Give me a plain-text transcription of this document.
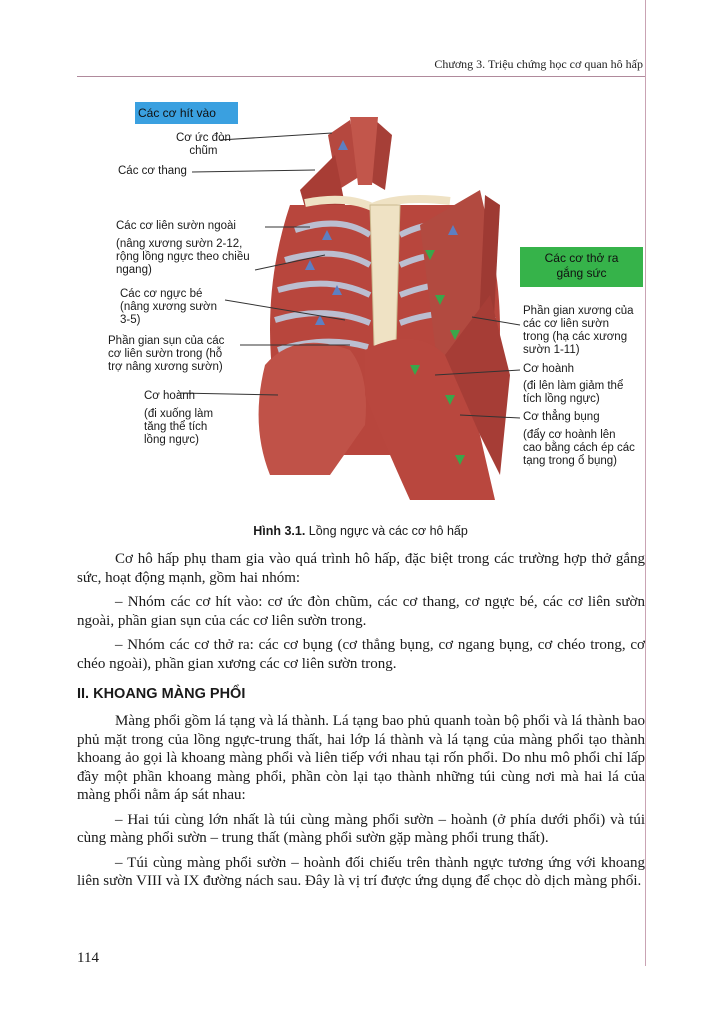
Chương 3. Triệu chứng học cơ quan hô hấp
Các cơ hít vào
Các cơ thở ra
gắng sức
Cơ ức đòn
chũm
Các cơ thang
Các cơ liên sườn ngoài
(nâng xương sườn 2-12,
rộng lồng ngực theo chiều
ngang)
Các cơ ngực bé
(nâng xương sườn
3-5)
Phần gian sụn của các
cơ liên sườn trong (hỗ
trợ nâng xương sườn)
Cơ hoành
(đi xuống làm
tăng thể tích
lồng ngực)
Phần gian xương của
các cơ liên sườn
trong (hạ các xương
sườn 1-11)
Cơ hoành
(đi lên làm giảm thể
tích lồng ngực)
Cơ thẳng bụng
(đẩy cơ hoành lên
cao bằng cách ép các
tạng trong ổ bụng)
Hình 3.1. Lồng ngực và các cơ hô hấp

Cơ hô hấp phụ tham gia vào quá trình hô hấp, đặc biệt trong các trường hợp thở gắng sức, hoạt động mạnh, gồm hai nhóm:

– Nhóm các cơ hít vào: cơ ức đòn chũm, các cơ thang, cơ ngực bé, các cơ liên sườn ngoài, phần gian sụn của các cơ liên sườn trong.

– Nhóm các cơ thở ra: các cơ bụng (cơ thẳng bụng, cơ ngang bụng, cơ chéo trong, cơ chéo ngoài), phần gian xương các cơ liên sườn trong.

II. KHOANG MÀNG PHỔI

Màng phổi gồm lá tạng và lá thành. Lá tạng bao phủ quanh toàn bộ phổi và lá thành bao phủ mặt trong của lồng ngực-trung thất, hai lớp lá thành và lá tạng của màng phổi tạo thành khoang ảo gọi là khoang màng phổi và liên tiếp với nhau tại rốn phổi. Do nhu mô phổi chỉ lấp đầy một phần khoang màng phổi, phần còn lại tạo thành những túi cùng nơi mà hai lá của màng phổi nằm áp sát nhau:

– Hai túi cùng lớn nhất là túi cùng màng phổi sườn – hoành (ở phía dưới phổi) và túi cùng màng phổi sườn – trung thất (màng phổi sườn gặp màng phổi trung thất).

– Túi cùng màng phổi sườn – hoành đối chiếu trên thành ngực tương ứng với khoang liên sườn VIII và IX đường nách sau. Đây là vị trí được ứng dụng để chọc dò dịch màng phổi.

114
